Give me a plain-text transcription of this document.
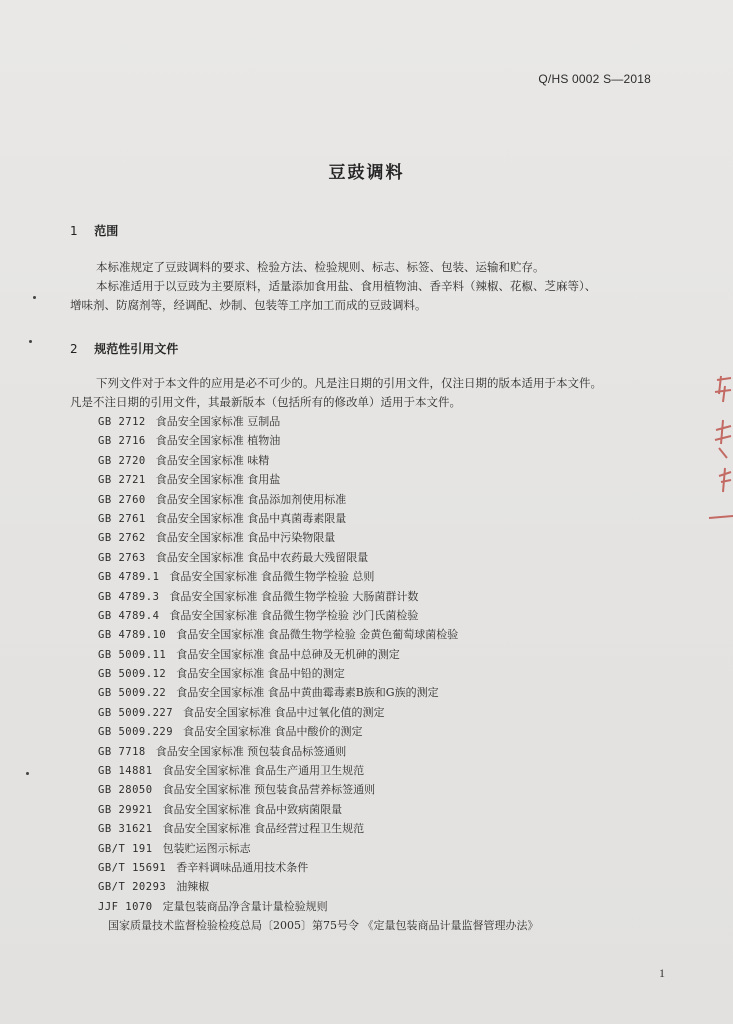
Q/HS 0002 S—2018
豆豉调料
1 范围
本标准规定了豆豉调料的要求、检验方法、检验规则、标志、标签、包装、运输和贮存。
本标准适用于以豆豉为主要原料，适量添加食用盐、食用植物油、香辛料（辣椒、花椒、芝麻等）、
增味剂、防腐剂等，经调配、炒制、包装等工序加工而成的豆豉调料。
2 规范性引用文件
下列文件对于本文件的应用是必不可少的。凡是注日期的引用文件，仅注日期的版本适用于本文件。
凡是不注日期的引用文件，其最新版本（包括所有的修改单）适用于本文件。
GB 2712 食品安全国家标准 豆制品
GB 2716 食品安全国家标准 植物油
GB 2720 食品安全国家标准 味精
GB 2721 食品安全国家标准 食用盐
GB 2760 食品安全国家标准 食品添加剂使用标准
GB 2761 食品安全国家标准 食品中真菌毒素限量
GB 2762 食品安全国家标准 食品中污染物限量
GB 2763 食品安全国家标准 食品中农药最大残留限量
GB 4789.1 食品安全国家标准 食品微生物学检验 总则
GB 4789.3 食品安全国家标准 食品微生物学检验 大肠菌群计数
GB 4789.4 食品安全国家标准 食品微生物学检验 沙门氏菌检验
GB 4789.10 食品安全国家标准 食品微生物学检验 金黄色葡萄球菌检验
GB 5009.11 食品安全国家标准 食品中总砷及无机砷的测定
GB 5009.12 食品安全国家标准 食品中铅的测定
GB 5009.22 食品安全国家标准 食品中黄曲霉毒素B族和G族的测定
GB 5009.227 食品安全国家标准 食品中过氧化值的测定
GB 5009.229 食品安全国家标准 食品中酸价的测定
GB 7718 食品安全国家标准 预包装食品标签通则
GB 14881 食品安全国家标准 食品生产通用卫生规范
GB 28050 食品安全国家标准 预包装食品营养标签通则
GB 29921 食品安全国家标准 食品中致病菌限量
GB 31621 食品安全国家标准 食品经营过程卫生规范
GB/T 191 包装贮运图示标志
GB/T 15691 香辛料调味品通用技术条件
GB/T 20293 油辣椒
JJF 1070 定量包装商品净含量计量检验规则
国家质量技术监督检验检疫总局〔2005〕第75号令 《定量包装商品计量监督管理办法》
1
